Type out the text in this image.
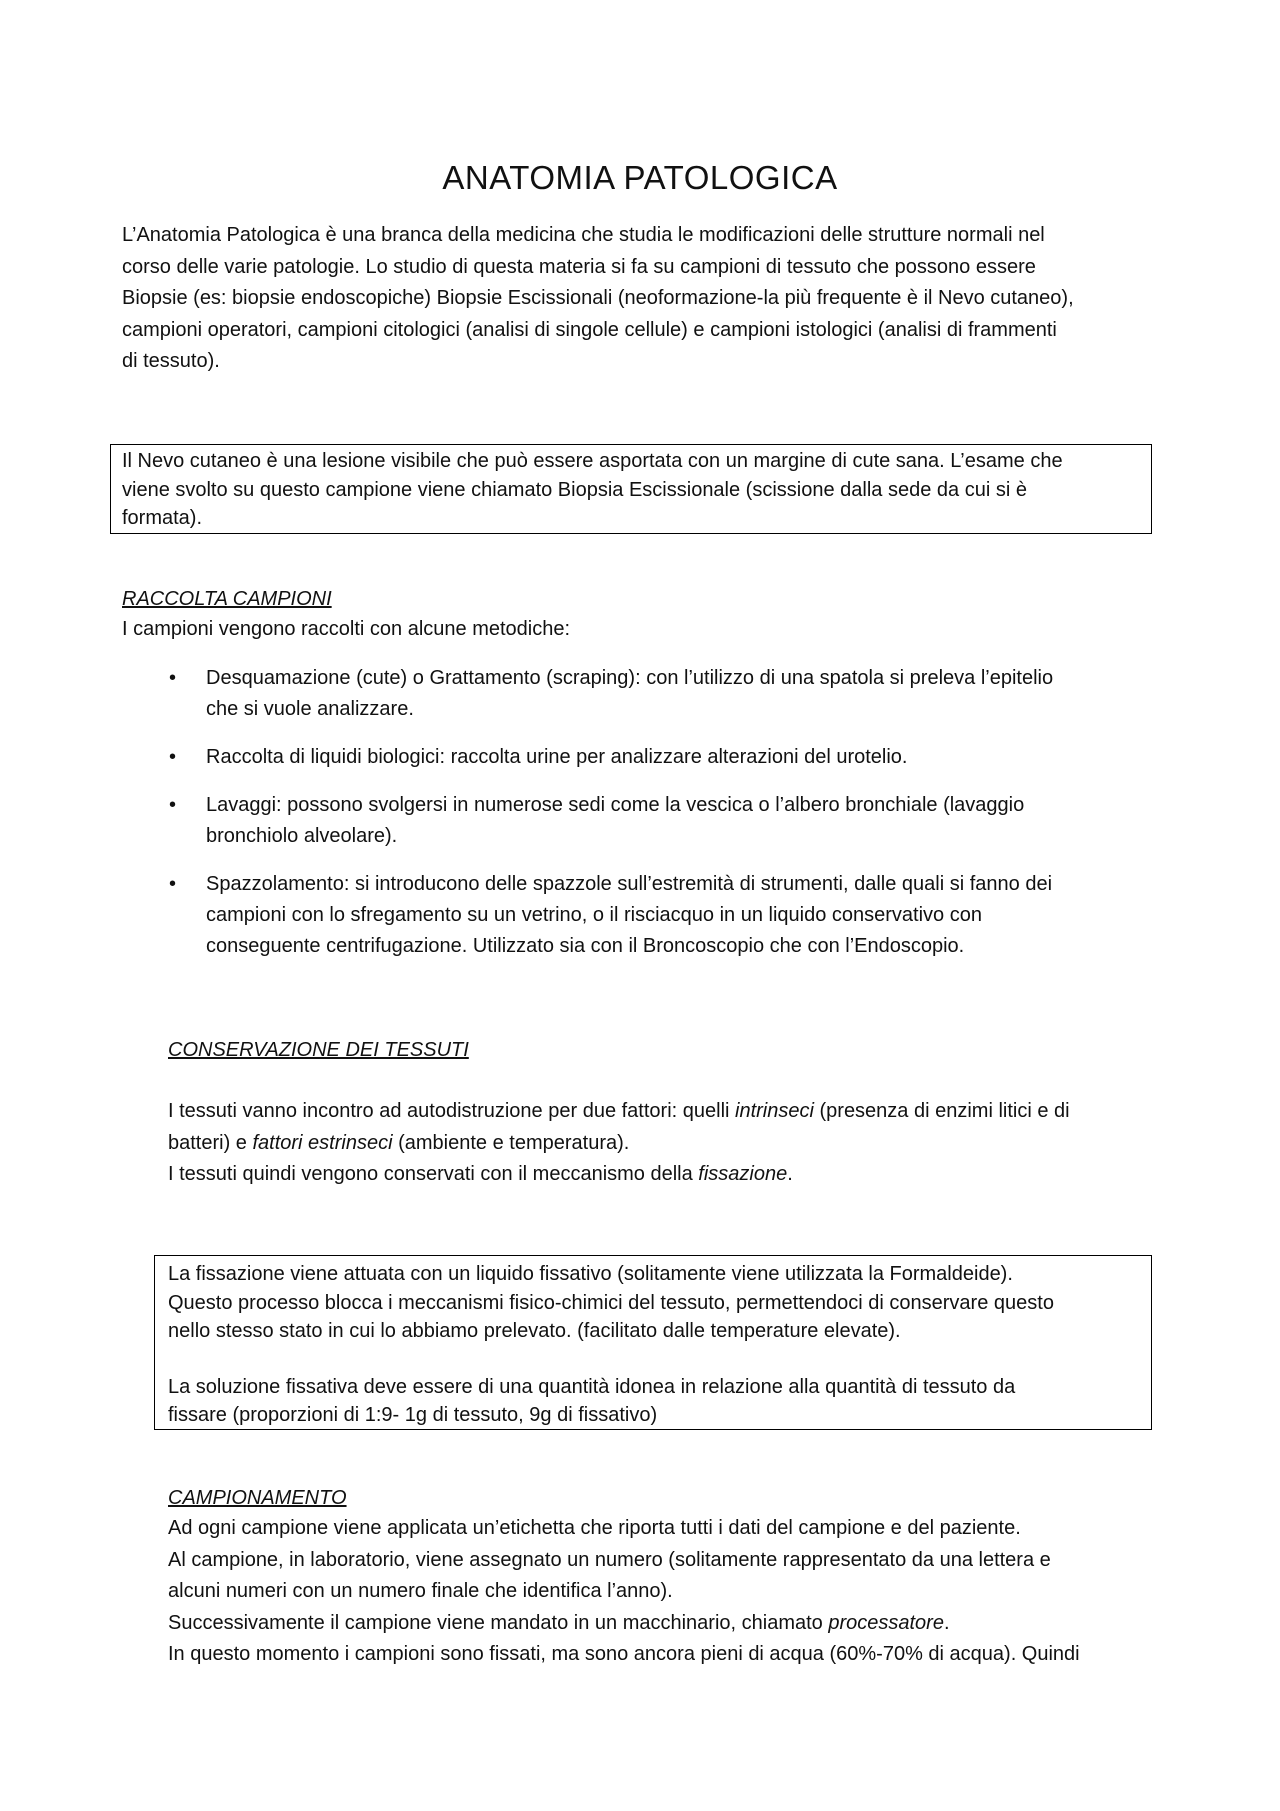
ANATOMIA PATOLOGICA

L’Anatomia Patologica è una branca della medicina che studia le modificazioni delle strutture normali nel
corso delle varie patologie. Lo studio di questa materia si fa su campioni di tessuto che possono essere
Biopsie (es: biopsie endoscopiche) Biopsie Escissionali (neoformazione-la più frequente è il Nevo cutaneo),
campioni operatori, campioni citologici (analisi di singole cellule) e campioni istologici (analisi di frammenti
di tessuto).

Il Nevo cutaneo è una lesione visibile che può essere asportata con un margine di cute sana. L’esame che
viene svolto su questo campione viene chiamato Biopsia Escissionale (scissione dalla sede da cui si è
formata).

RACCOLTA CAMPIONI
I campioni vengono raccolti con alcune metodiche:
• Desquamazione (cute) o Grattamento (scraping): con l’utilizzo di una spatola si preleva l’epitelio
che si vuole analizzare.
• Raccolta di liquidi biologici: raccolta urine per analizzare alterazioni del urotelio.
• Lavaggi: possono svolgersi in numerose sedi come la vescica o l’albero bronchiale (lavaggio
bronchiolo alveolare).
• Spazzolamento: si introducono delle spazzole sull’estremità di strumenti, dalle quali si fanno dei
campioni con lo sfregamento su un vetrino, o il risciacquo in un liquido conservativo con
conseguente centrifugazione. Utilizzato sia con il Broncoscopio che con l’Endoscopio.
CONSERVAZIONE DEI TESSUTI

I tessuti vanno incontro ad autodistruzione per due fattori: quelli intrinseci (presenza di enzimi litici e di
batteri) e fattori estrinseci (ambiente e temperatura).
I tessuti quindi vengono conservati con il meccanismo della fissazione.

La fissazione viene attuata con un liquido fissativo (solitamente viene utilizzata la Formaldeide).
Questo processo blocca i meccanismi fisico-chimici del tessuto, permettendoci di conservare questo
nello stesso stato in cui lo abbiamo prelevato. (facilitato dalle temperature elevate).

La soluzione fissativa deve essere di una quantità idonea in relazione alla quantità di tessuto da
fissare (proporzioni di 1:9- 1g di tessuto, 9g di fissativo)

CAMPIONAMENTO

Ad ogni campione viene applicata un’etichetta che riporta tutti i dati del campione e del paziente.
Al campione, in laboratorio, viene assegnato un numero (solitamente rappresentato da una lettera e
alcuni numeri con un numero finale che identifica l’anno).
Successivamente il campione viene mandato in un macchinario, chiamato processatore.
In questo momento i campioni sono fissati, ma sono ancora pieni di acqua (60%-70% di acqua). Quindi
